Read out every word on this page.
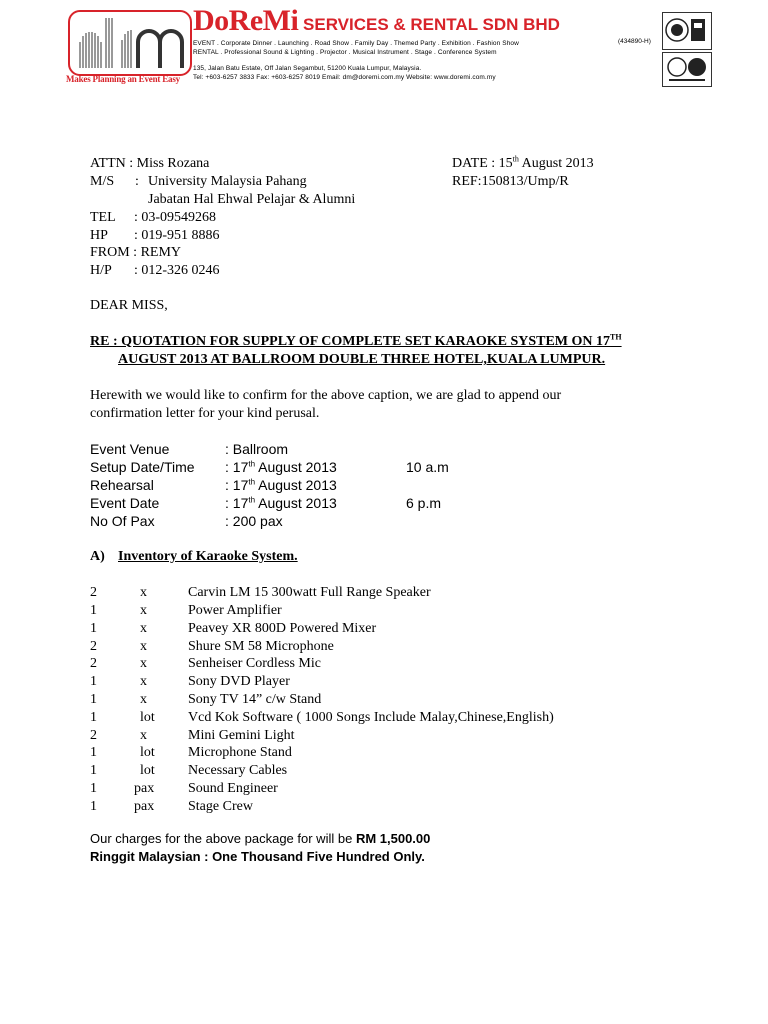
Makes Planning an Event Easy
DoReMi SERVICES & RENTAL SDN BHD
EVENT . Corporate Dinner . Launching . Road Show . Family Day . Themed Party . Exhibition . Fashion Show
RENTAL . Professional Sound & Lighting . Projector . Musical Instrument . Stage . Conference System
(434890-H)
135, Jalan Batu Estate, Off Jalan Segambut, 51200 Kuala Lumpur, Malaysia.
Tel: +603-6257 3833 Fax: +603-6257 8019 Email: dm@doremi.com.my Website: www.doremi.com.my
ATTN : Miss Rozana
M/S : University Malaysia Pahang
Jabatan Hal Ehwal Pelajar & Alumni
TEL : 03-09549268
HP : 019-951 8886
FROM : REMY
H/P : 012-326 0246
DATE : 15th August 2013
REF:150813/Ump/R
DEAR MISS,
RE : QUOTATION FOR SUPPLY OF COMPLETE SET KARAOKE SYSTEM ON 17TH
AUGUST 2013 AT BALLROOM DOUBLE THREE HOTEL,KUALA LUMPUR.
Herewith we would like to confirm for the above caption, we are glad to append our
confirmation letter for your kind perusal.
Event Venue	: Ballroom
Setup Date/Time : 17th August 2013	10 a.m
Rehearsal	: 17th August 2013
Event Date	: 17th August 2013	6 p.m
No Of Pax	: 200 pax
A) Inventory of Karaoke System.
2	x	Carvin LM 15 300watt Full Range Speaker
1	x	Power Amplifier
1	x	Peavey XR 800D Powered Mixer
2	x	Shure SM 58 Microphone
2	x	Senheiser Cordless Mic
1	x	Sony DVD Player
1	x	Sony TV 14” c/w Stand
1	lot Vcd Kok Software ( 1000 Songs Include Malay,Chinese,English)
2	x	Mini Gemini Light
1	lot Microphone Stand
1	lot Necessary Cables
1	pax Sound Engineer
1	pax Stage Crew
Our charges for the above package for will be RM 1,500.00
Ringgit Malaysian : One Thousand Five Hundred Only.
